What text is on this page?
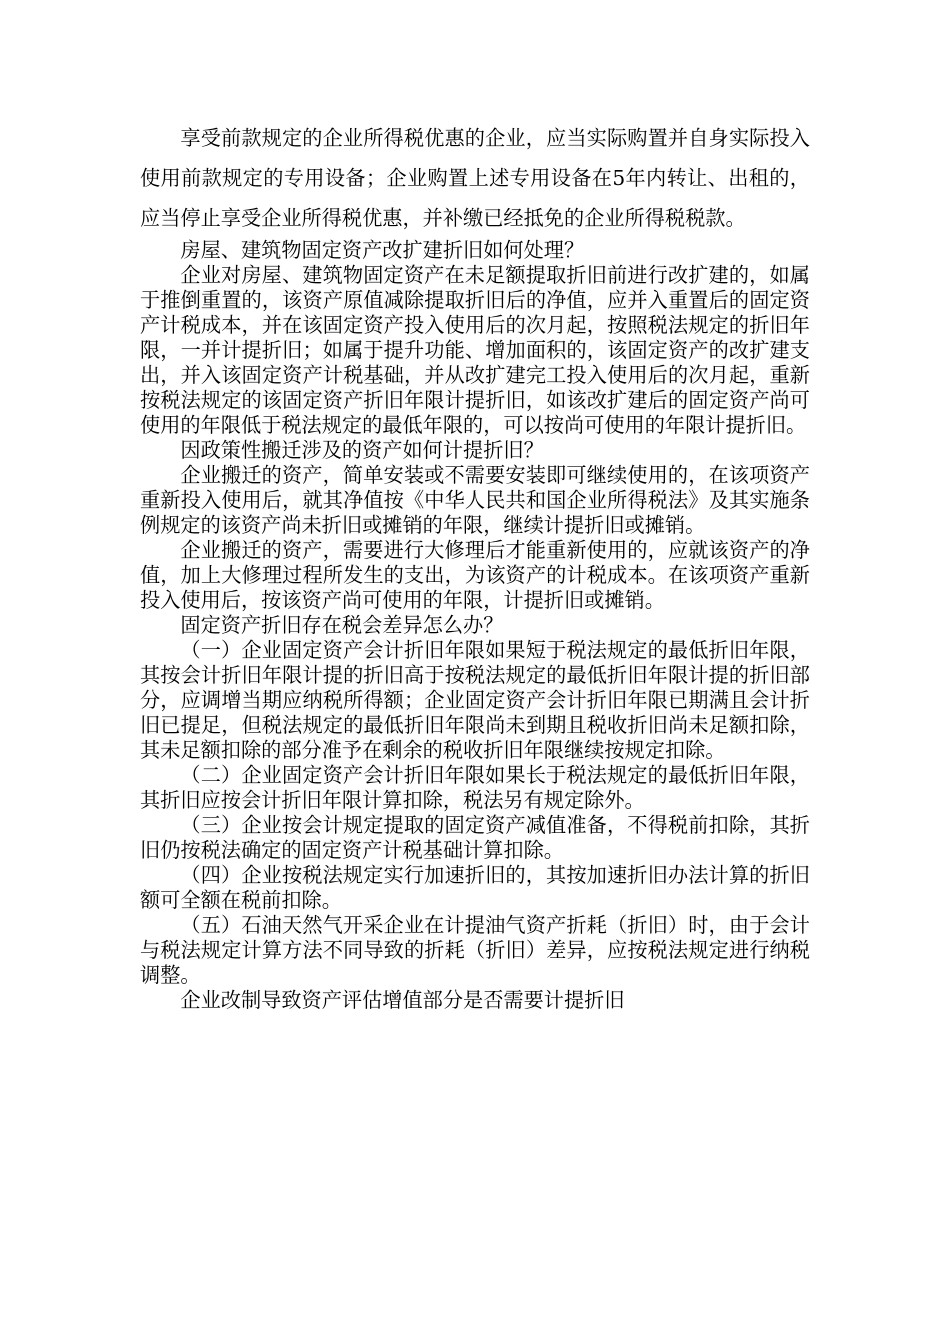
享受前款规定的企业所得税优惠的企业，应当实际购置并自身实际投入使用前款规定的专用设备；企业购置上述专用设备在5年内转让、出租的，应当停止享受企业所得税优惠，并补缴已经抵免的企业所得税税款。

房屋、建筑物固定资产改扩建折旧如何处理？

企业对房屋、建筑物固定资产在未足额提取折旧前进行改扩建的，如属于推倒重置的，该资产原值减除提取折旧后的净值，应并入重置后的固定资产计税成本，并在该固定资产投入使用后的次月起，按照税法规定的折旧年限，一并计提折旧；如属于提升功能、增加面积的，该固定资产的改扩建支出，并入该固定资产计税基础，并从改扩建完工投入使用后的次月起，重新按税法规定的该固定资产折旧年限计提折旧，如该改扩建后的固定资产尚可使用的年限低于税法规定的最低年限的，可以按尚可使用的年限计提折旧。

因政策性搬迁涉及的资产如何计提折旧？

企业搬迁的资产，简单安装或不需要安装即可继续使用的，在该项资产重新投入使用后，就其净值按《中华人民共和国企业所得税法》及其实施条例规定的该资产尚未折旧或摊销的年限，继续计提折旧或摊销。

企业搬迁的资产，需要进行大修理后才能重新使用的，应就该资产的净值，加上大修理过程所发生的支出，为该资产的计税成本。在该项资产重新投入使用后，按该资产尚可使用的年限，计提折旧或摊销。

固定资产折旧存在税会差异怎么办？

（一）企业固定资产会计折旧年限如果短于税法规定的最低折旧年限，其按会计折旧年限计提的折旧高于按税法规定的最低折旧年限计提的折旧部分，应调增当期应纳税所得额；企业固定资产会计折旧年限已期满且会计折旧已提足，但税法规定的最低折旧年限尚未到期且税收折旧尚未足额扣除，其未足额扣除的部分准予在剩余的税收折旧年限继续按规定扣除。

（二）企业固定资产会计折旧年限如果长于税法规定的最低折旧年限，其折旧应按会计折旧年限计算扣除，税法另有规定除外。

（三）企业按会计规定提取的固定资产减值准备，不得税前扣除，其折旧仍按税法确定的固定资产计税基础计算扣除。

（四）企业按税法规定实行加速折旧的，其按加速折旧办法计算的折旧额可全额在税前扣除。

（五）石油天然气开采企业在计提油气资产折耗（折旧）时，由于会计与税法规定计算方法不同导致的折耗（折旧）差异，应按税法规定进行纳税调整。

企业改制导致资产评估增值部分是否需要计提折旧
